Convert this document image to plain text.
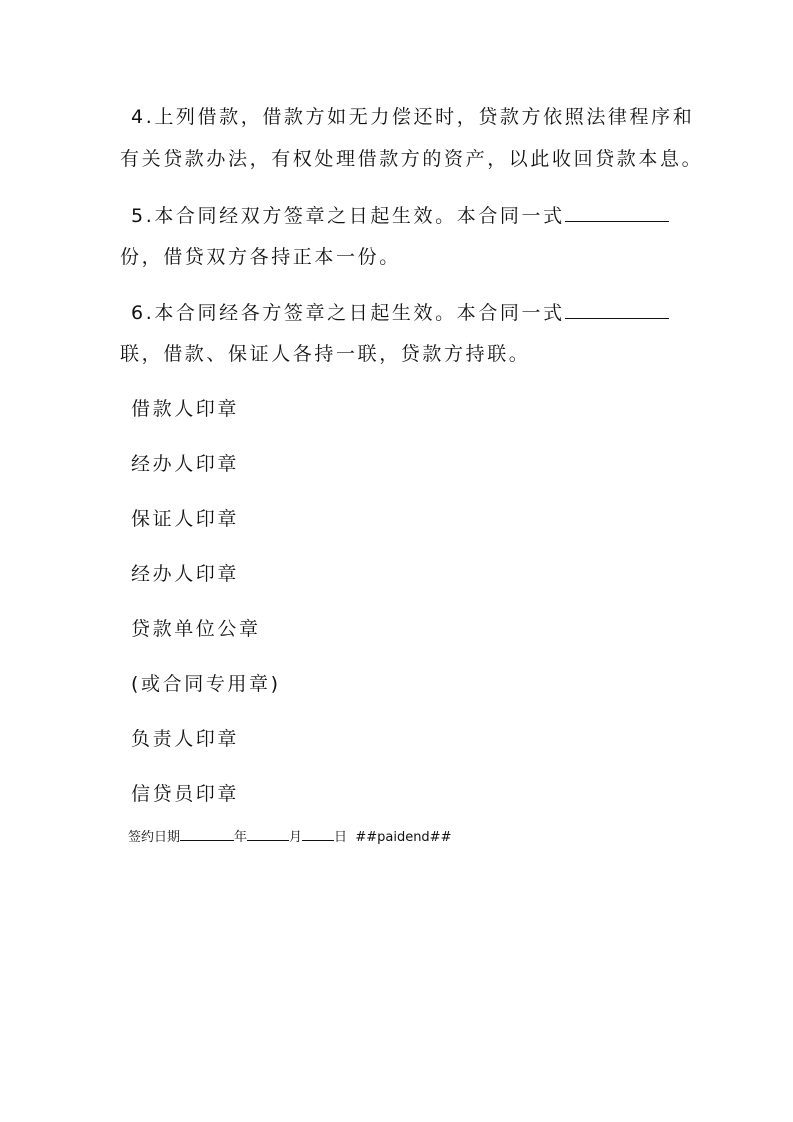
4.上列借款，借款方如无力偿还时，贷款方依照法律程序和
有关贷款办法，有权处理借款方的资产，以此收回贷款本息。
5.本合同经双方签章之日起生效。本合同一式
份，借贷双方各持正本一份。
6.本合同经各方签章之日起生效。本合同一式
联，借款、保证人各持一联，贷款方持联。
借款人印章
经办人印章
保证人印章
经办人印章
贷款单位公章
(或合同专用章)
负责人印章
信贷员印章
签约日期	年	月 日 ##paidend##
